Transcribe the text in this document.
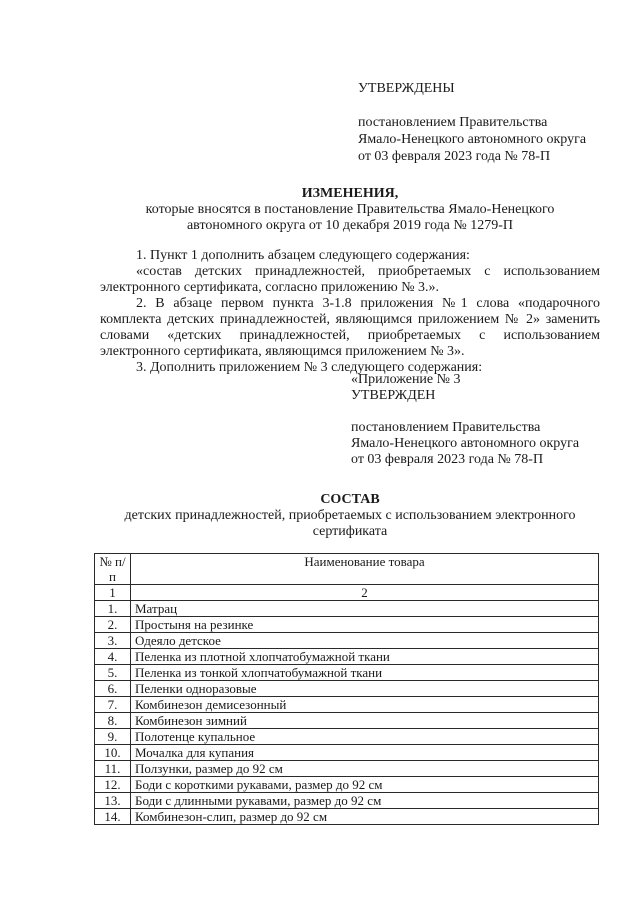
УТВЕРЖДЕНЫ
постановлением Правительства
Ямало-Ненецкого автономного округа
от 03 февраля 2023 года № 78-П
ИЗМЕНЕНИЯ,
которые вносятся в постановление Правительства Ямало-Ненецкого автономного округа от 10 декабря 2019 года № 1279-П

1. Пункт 1 дополнить абзацем следующего содержания:

«состав детских принадлежностей, приобретаемых с использованием электронного сертификата, согласно приложению № 3.».

2. В абзаце первом пункта 3-1.8 приложения №1 слова «подарочного комплекта детских принадлежностей, являющимся приложением № 2» заменить словами «детских принадлежностей, приобретаемых с использованием электронного сертификата, являющимся приложением № 3».

3. Дополнить приложением № 3 следующего содержания:

«Приложение № 3
УТВЕРЖДЕН
постановлением Правительства
Ямало-Ненецкого автономного округа
от 03 февраля 2023 года № 78-П
СОСТАВ
детских принадлежностей, приобретаемых с использованием электронного сертификата
№ п/п	Наименование товара
1	2
1.	Матрац
2.	Простыня на резинке
3.	Одеяло детское
4.	Пеленка из плотной хлопчатобумажной ткани
5.	Пеленка из тонкой хлопчатобумажной ткани
6.	Пеленки одноразовые
7.	Комбинезон демисезонный
8.	Комбинезон зимний
9.	Полотенце купальное
10.	Мочалка для купания
11.	Ползунки, размер до 92 см
12.	Боди с короткими рукавами, размер до 92 см
13.	Боди с длинными рукавами, размер до 92 см
14.	Комбинезон-слип, размер до 92 см
